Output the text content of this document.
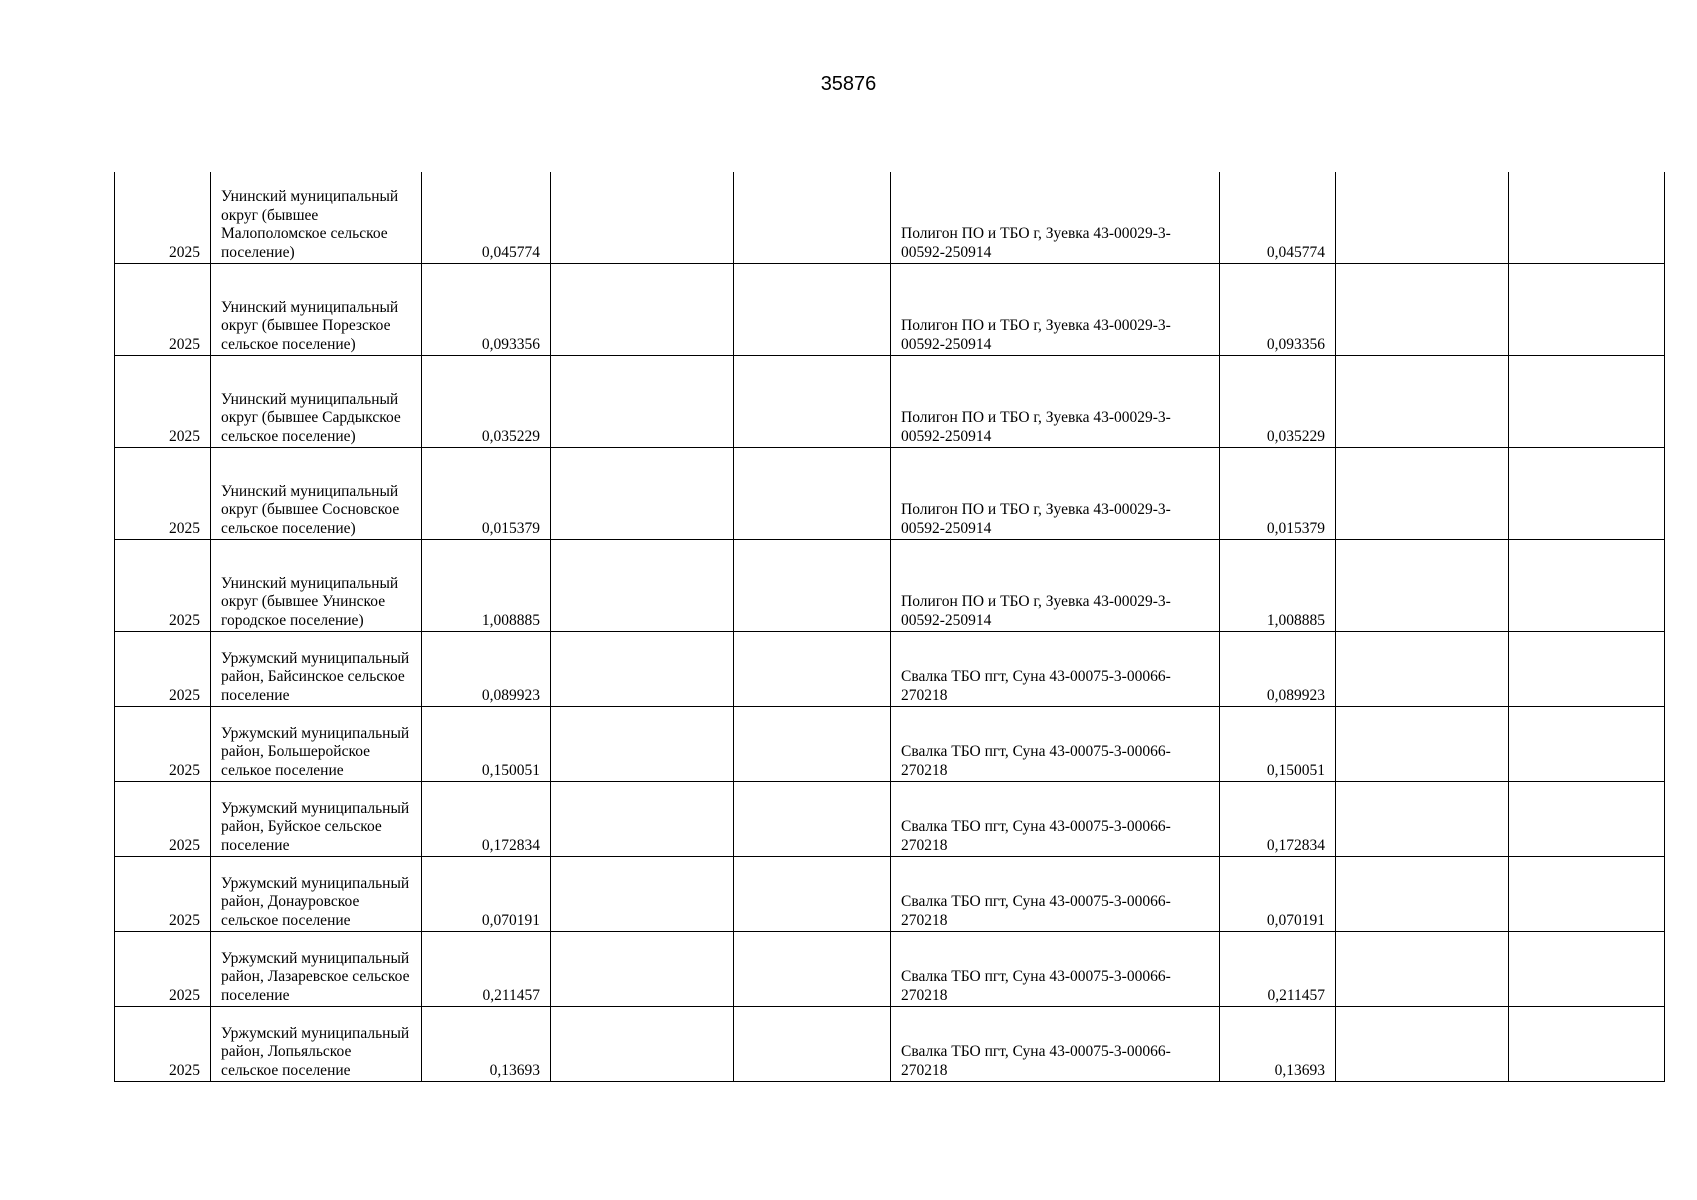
35876
2025	Унинский муниципальный округ (бывшее Малополомское сельское поселение)	0,045774			Полигон ПО и ТБО г, Зуевка 43-00029-3-00592-250914	0,045774		
2025	Унинский муниципальный округ (бывшее Порезское сельское поселение)	0,093356			Полигон ПО и ТБО г, Зуевка 43-00029-3-00592-250914	0,093356		
2025	Унинский муниципальный округ (бывшее Сардыкское сельское поселение)	0,035229			Полигон ПО и ТБО г, Зуевка 43-00029-3-00592-250914	0,035229		
2025	Унинский муниципальный округ (бывшее Сосновское сельское поселение)	0,015379			Полигон ПО и ТБО г, Зуевка 43-00029-3-00592-250914	0,015379		
2025	Унинский муниципальный округ (бывшее Унинское городское поселение)	1,008885			Полигон ПО и ТБО г, Зуевка 43-00029-3-00592-250914	1,008885		
2025	Уржумский муниципальный район, Байсинское сельское поселение	0,089923			Свалка ТБО пгт, Суна 43-00075-3-00066-270218	0,089923		
2025	Уржумский муниципальный район, Большеройское селькое поселение	0,150051			Свалка ТБО пгт, Суна 43-00075-3-00066-270218	0,150051		
2025	Уржумский муниципальный район, Буйское сельское поселение	0,172834			Свалка ТБО пгт, Суна 43-00075-3-00066-270218	0,172834		
2025	Уржумский муниципальный район, Донауровское сельское поселение	0,070191			Свалка ТБО пгт, Суна 43-00075-3-00066-270218	0,070191		
2025	Уржумский муниципальный район, Лазаревское сельское поселение	0,211457			Свалка ТБО пгт, Суна 43-00075-3-00066-270218	0,211457		
2025	Уржумский муниципальный район, Лопьяльское сельское поселение	0,13693			Свалка ТБО пгт, Суна 43-00075-3-00066-270218	0,13693		
